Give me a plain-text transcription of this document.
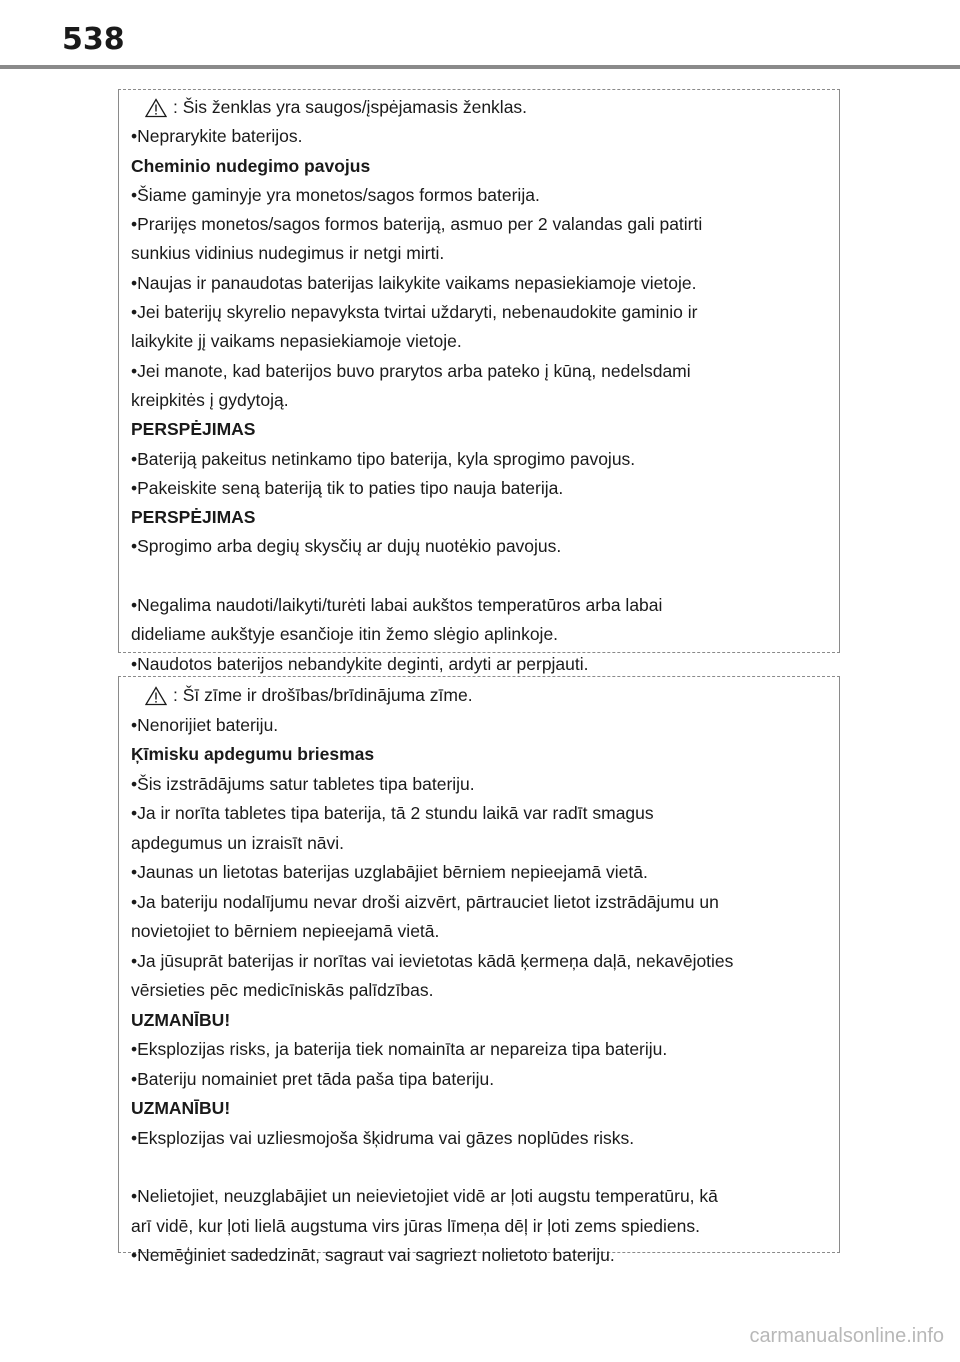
538
: Šis ženklas yra saugos/įspėjamasis ženklas.
•Neprarykite baterijos.
Cheminio nudegimo pavojus
•Šiame gaminyje yra monetos/sagos formos baterija.
•Prarijęs monetos/sagos formos bateriją, asmuo per 2 valandas gali patirti
sunkius vidinius nudegimus ir netgi mirti.
•Naujas ir panaudotas baterijas laikykite vaikams nepasiekiamoje vietoje.
•Jei baterijų skyrelio nepavyksta tvirtai uždaryti, nebenaudokite gaminio ir
laikykite jį vaikams nepasiekiamoje vietoje.
•Jei manote, kad baterijos buvo prarytos arba pateko į kūną, nedelsdami
kreipkitės į gydytoją.
PERSPĖJIMAS
•Bateriją pakeitus netinkamo tipo baterija, kyla sprogimo pavojus.
•Pakeiskite seną bateriją tik to paties tipo nauja baterija.
PERSPĖJIMAS
•Sprogimo arba degių skysčių ar dujų nuotėkio pavojus.
•Negalima naudoti/laikyti/turėti labai aukštos temperatūros arba labai
dideliame aukštyje esančioje itin žemo slėgio aplinkoje.
•Naudotos baterijos nebandykite deginti, ardyti ar perpjauti.
: Šī zīme ir drošības/brīdinājuma zīme.
•Nenorijiet bateriju.
Ķīmisku apdegumu briesmas
•Šis izstrādājums satur tabletes tipa bateriju.
•Ja ir norīta tabletes tipa baterija, tā 2 stundu laikā var radīt smagus
apdegumus un izraisīt nāvi.
•Jaunas un lietotas baterijas uzglabājiet bērniem nepieejamā vietā.
•Ja bateriju nodalījumu nevar droši aizvērt, pārtrauciet lietot izstrādājumu un
novietojiet to bērniem nepieejamā vietā.
•Ja jūsuprāt baterijas ir norītas vai ievietotas kādā ķermeņa daļā, nekavējoties
vērsieties pēc medicīniskās palīdzības.
UZMANĪBU!
•Eksplozijas risks, ja baterija tiek nomainīta ar nepareiza tipa bateriju.
•Bateriju nomainiet pret tāda paša tipa bateriju.
UZMANĪBU!
•Eksplozijas vai uzliesmojoša šķidruma vai gāzes noplūdes risks.
•Nelietojiet, neuzglabājiet un neievietojiet vidē ar ļoti augstu temperatūru, kā
arī vidē, kur ļoti lielā augstuma virs jūras līmeņa dēļ ir ļoti zems spiediens.
•Nemēģiniet sadedzināt, sagraut vai sagriezt nolietoto bateriju.
carmanualsonline.info
